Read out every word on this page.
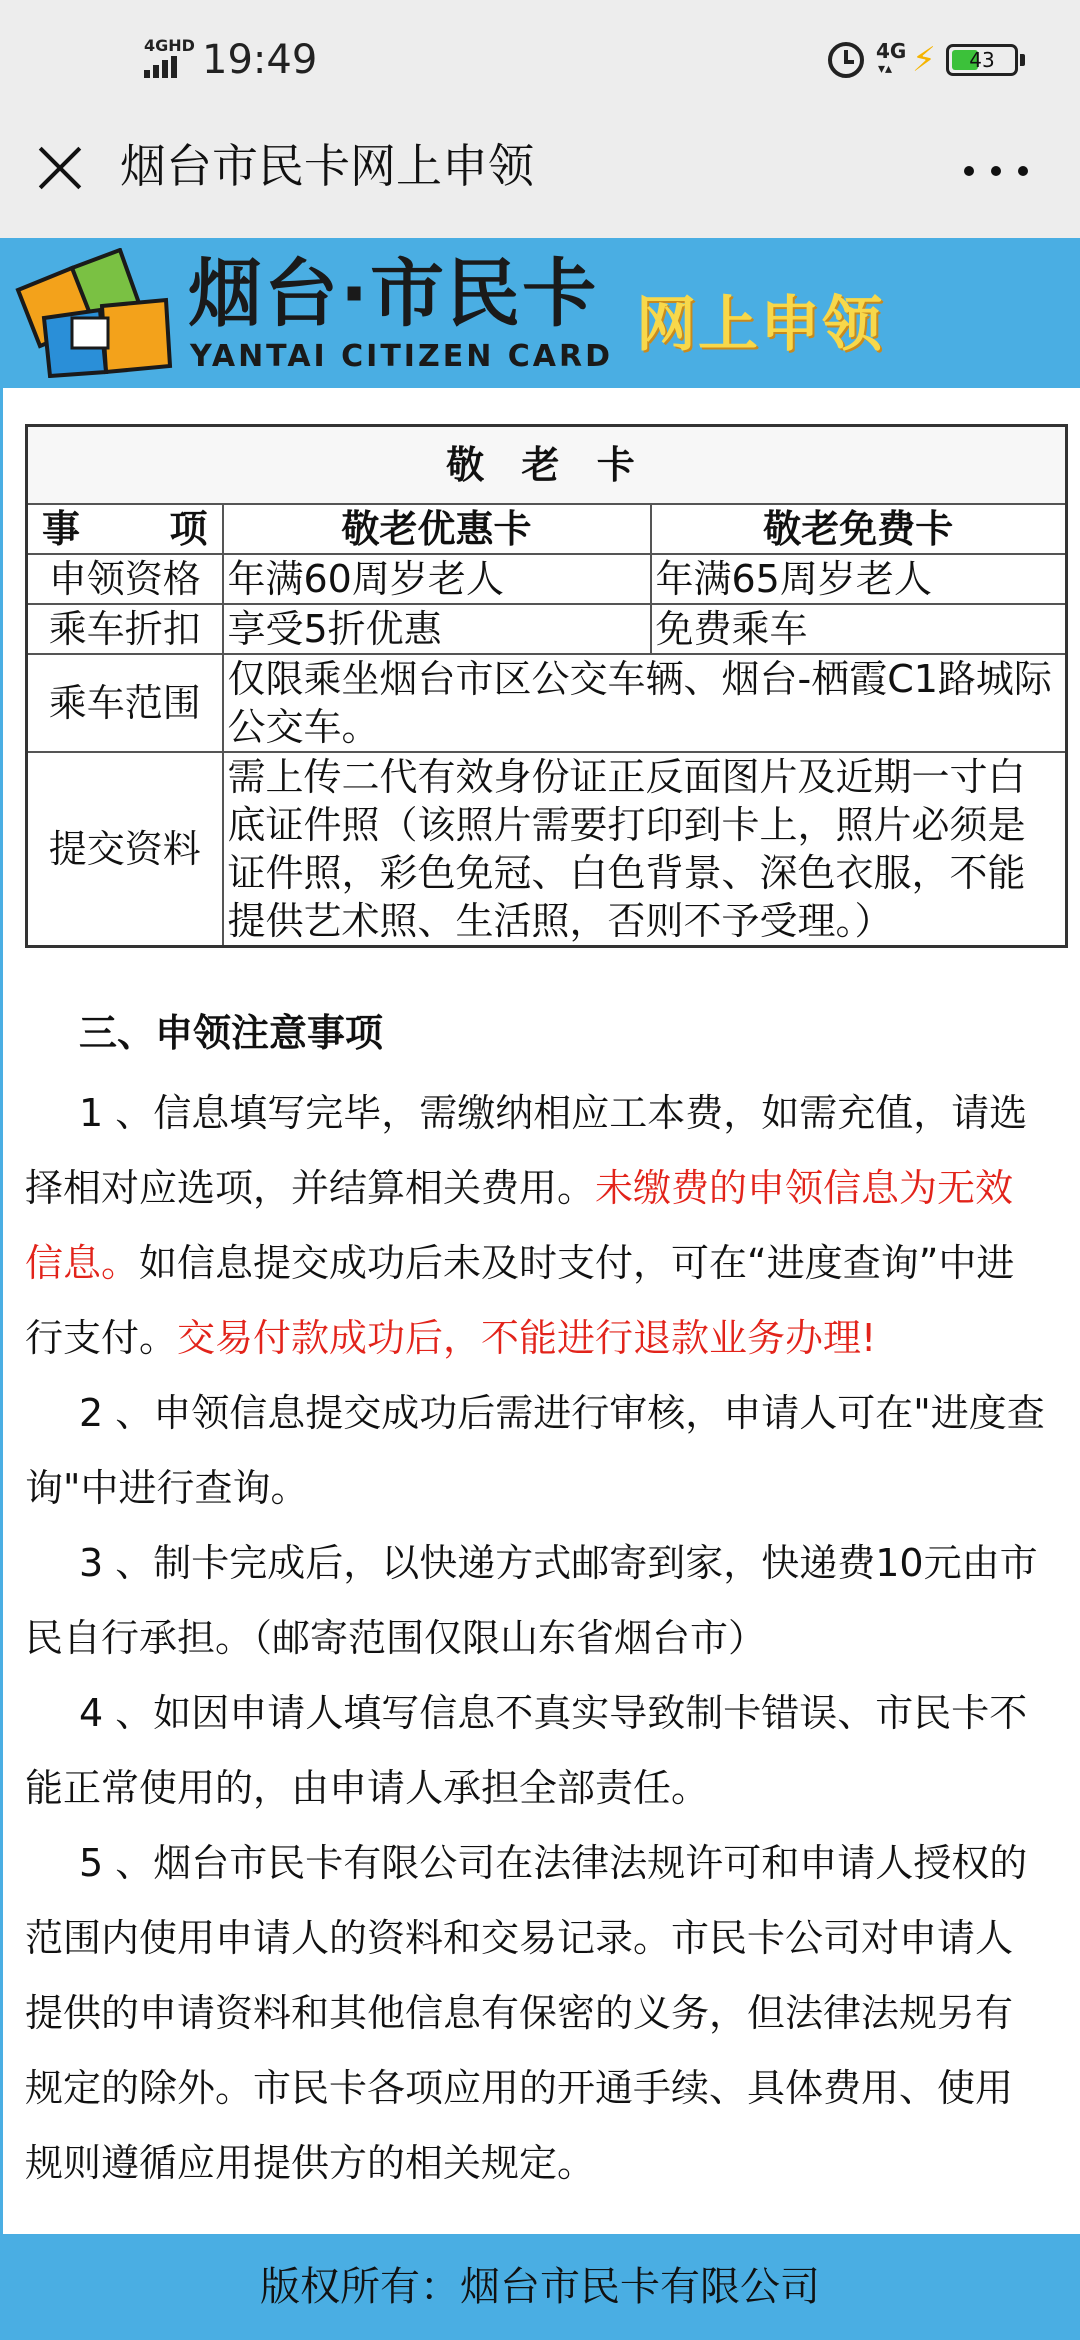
4GHD 19:49	4G
▾▴ ⚡	43
烟台市民卡网上申领
烟台·市民卡
YANTAI CITIZEN CARD 网上申领
敬 老 卡		
事 项	敬老优惠卡	敬老免费卡
申领资格	年满60周岁老人	年满65周岁老人
乘车折扣	享受5折优惠	免费乘车
乘车范围	仅限乘坐烟台市区公交车辆、烟台-栖霞C1路城际公交车。	
提交资料	需上传二代有效身份证正反面图片及近期一寸白底证件照（该照片需要打印到卡上，照片必须是证件照，彩色免冠、白色背景、深色衣服，不能提供艺术照、生活照，否则不予受理。）	
三、申领注意事项

1 、信息填写完毕，需缴纳相应工本费，如需充值，请选择相对应选项，并结算相关费用。未缴费的申领信息为无效信息。如信息提交成功后未及时支付，可在“进度查询”中进行支付。交易付款成功后，不能进行退款业务办理!

2 、申领信息提交成功后需进行审核，申请人可在"进度查询"中进行查询。

3 、制卡完成后，以快递方式邮寄到家，快递费10元由市民自行承担。（邮寄范围仅限山东省烟台市）

4 、如因申请人填写信息不真实导致制卡错误、市民卡不能正常使用的，由申请人承担全部责任。

5 、烟台市民卡有限公司在法律法规许可和申请人授权的范围内使用申请人的资料和交易记录。市民卡公司对申请人提供的申请资料和其他信息有保密的义务，但法律法规另有规定的除外。市民卡各项应用的开通手续、具体费用、使用规则遵循应用提供方的相关规定。

版权所有：烟台市民卡有限公司
